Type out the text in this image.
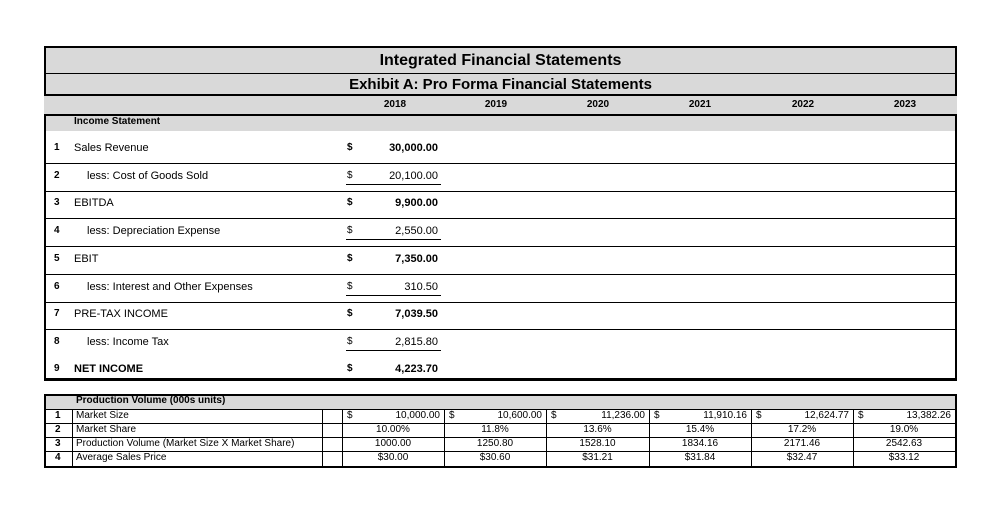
Integrated Financial Statements
Exhibit A: Pro Forma Financial Statements
2018	2019	2020	2021	2022	2023
Income Statement
1 Sales Revenue	$	30,000.00
2 less: Cost of Goods Sold	$	20,100.00
3 EBITDA	$	9,900.00
4 less: Depreciation Expense	$	2,550.00
5 EBIT	$	7,350.00
6 less: Interest and Other Expenses	$	310.50
7 PRE-TAX INCOME	$	7,039.50
8 less: Income Tax	$	2,815.80
9 NET INCOME	$	4,223.70
Production Volume (000s units)
1 Market Size	$	10,000.00 $	10,600.00 $	11,236.00 $	11,910.16 $	12,624.77 $	13,382.26
2 Market Share	10.00%	11.8%	13.6%	15.4%	17.2%	19.0%
3 Production Volume (Market Size X Market Share)	1000.00	1250.80	1528.10	1834.16	2171.46	2542.63
4 Average Sales Price	$30.00	$30.60	$31.21	$31.84	$32.47	$33.12
